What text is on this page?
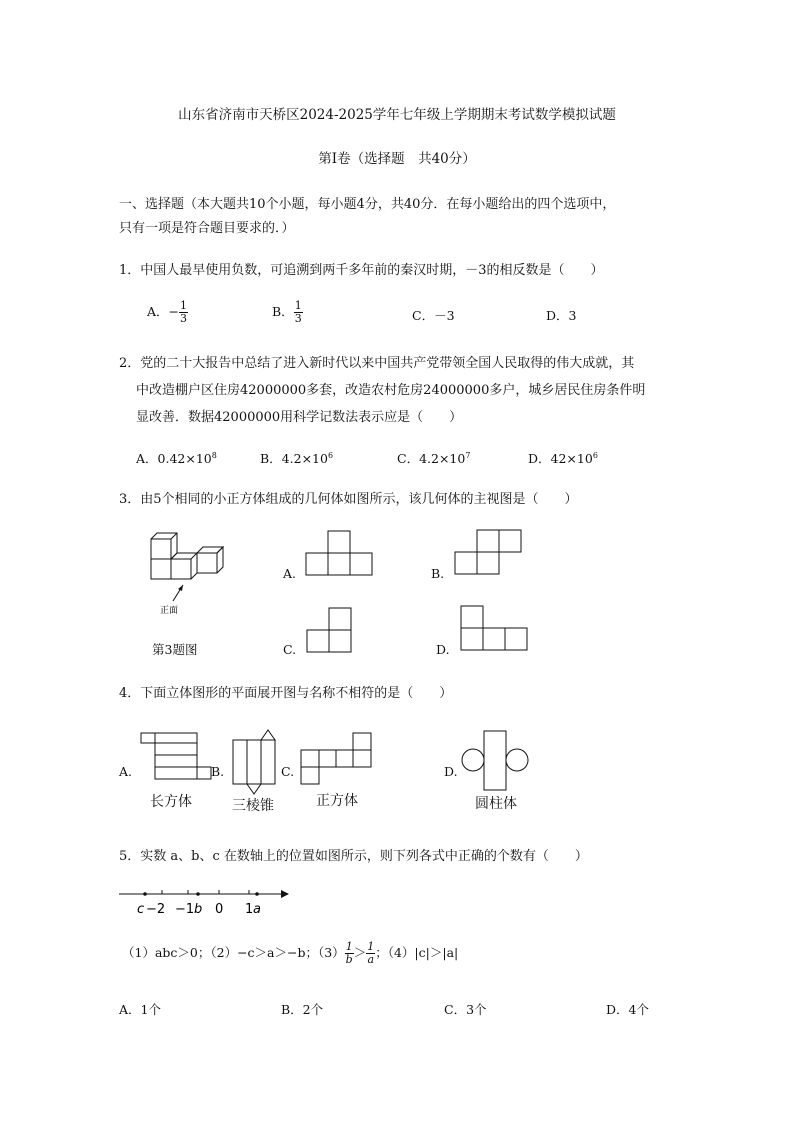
山东省济南市天桥区2024-2025学年七年级上学期期末考试数学模拟试题
第Ⅰ卷（选择题　共40分）
一、选择题（本大题共10个小题，每小题4分，共40分．在每小题给出的四个选项中，
只有一项是符合题目要求的．）
1．中国人最早使用负数，可追溯到两千多年前的秦汉时期，－3的相反数是（　　）
A．− $\frac{1}{3}$	B． $\frac{1}{3}$	C．－3	D．3
2．党的二十大报告中总结了进入新时代以来中国共产党带领全国人民取得的伟大成就，其
中改造棚户区住房42000000多套，改造农村危房24000000多户，城乡居民住房条件明
显改善．数据42000000用科学记数法表示应是（　　）
A．$0.42\times 10^8$	B．$4.2\times 10^6$	C．$4.2\times 10^7$	D．$42\times 10^6$
3．由5个相同的小正方体组成的几何体如图所示，该几何体的主视图是（　　）
正面
第3题图
A.	B.
C.	D.
4．下面立体图形的平面展开图与名称不相符的是（　　）
A.
长方体
B.
三棱锥
C.
正方体
D.
圆柱体
5．实数 a、b、c 在数轴上的位置如图所示，则下列各式中正确的个数有（　　）
c −2 −1 b 0 1 a
（1）abc＞0；（2）−c＞a＞−b；$(3) \frac{1}{b} > \frac{1}{a}$ ；（4）|c|＞|a|
A．1个	B．2个	C．3个	D．4个
